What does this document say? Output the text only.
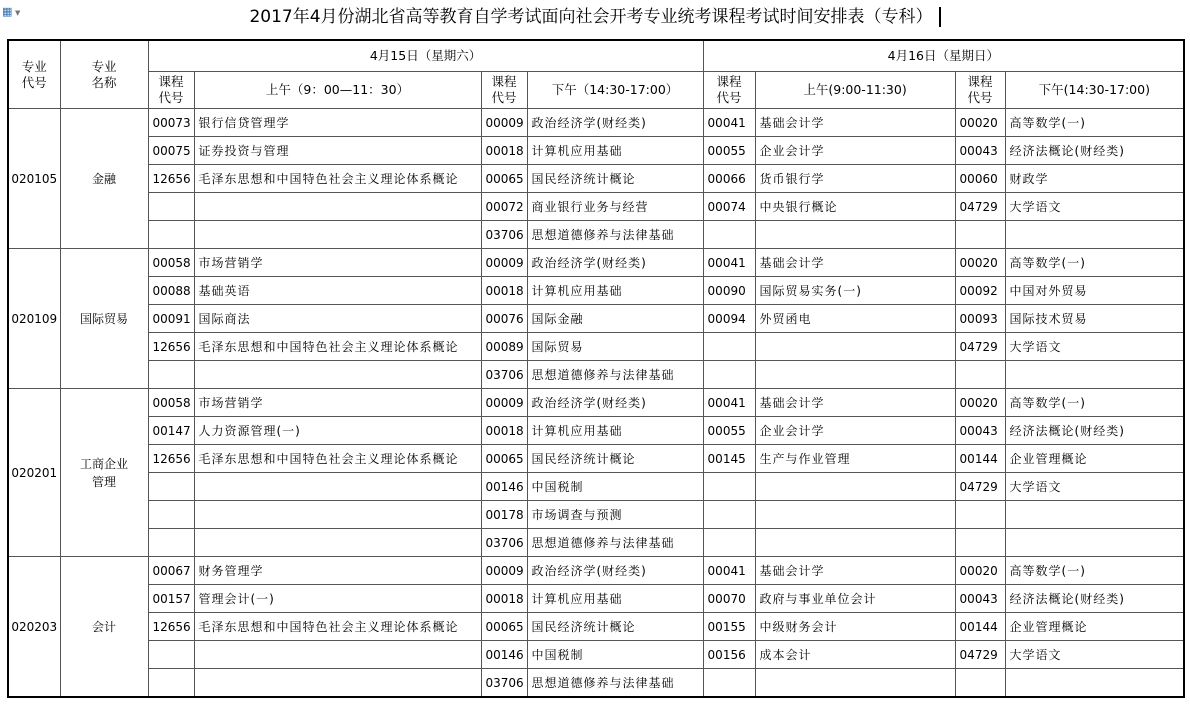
▦ ▼	2017年4月份湖北省高等教育自学考试面向社会开考专业统考课程考试时间安排表（专科）
专业代号	专业名称	4月15日（星期六）				4月16日（星期日）			
		课程代号	上午（9：00—11：30）	课程代号	下午（14:30-17:00）	课程代号	上午(9:00-11:30)	课程代号	下午(14:30-17:00)
020105	金融	00073	银行信贷管理学	00009	政治经济学(财经类)	00041	基础会计学	00020	高等数学(一)
		00075	证券投资与管理	00018	计算机应用基础	00055	企业会计学	00043	经济法概论(财经类)
		12656	毛泽东思想和中国特色社会主义理论体系概论	00065	国民经济统计概论	00066	货币银行学	00060	财政学
				00072	商业银行业务与经营	00074	中央银行概论	04729	大学语文
				03706	思想道德修养与法律基础				
020109	国际贸易	00058	市场营销学	00009	政治经济学(财经类)	00041	基础会计学	00020	高等数学(一)
		00088	基础英语	00018	计算机应用基础	00090	国际贸易实务(一)	00092	中国对外贸易
		00091	国际商法	00076	国际金融	00094	外贸函电	00093	国际技术贸易
		12656	毛泽东思想和中国特色社会主义理论体系概论	00089	国际贸易			04729	大学语文
				03706	思想道德修养与法律基础				
020201	工商企业
管理	00058	市场营销学	00009	政治经济学(财经类)	00041	基础会计学	00020	高等数学(一)
		00147	人力资源管理(一)	00018	计算机应用基础	00055	企业会计学	00043	经济法概论(财经类)
		12656	毛泽东思想和中国特色社会主义理论体系概论	00065	国民经济统计概论	00145	生产与作业管理	00144	企业管理概论
				00146	中国税制			04729	大学语文
				00178	市场调查与预测				
				03706	思想道德修养与法律基础				
020203	会计	00067	财务管理学	00009	政治经济学(财经类)	00041	基础会计学	00020	高等数学(一)
		00157	管理会计(一)	00018	计算机应用基础	00070	政府与事业单位会计	00043	经济法概论(财经类)
		12656	毛泽东思想和中国特色社会主义理论体系概论	00065	国民经济统计概论	00155	中级财务会计	00144	企业管理概论
				00146	中国税制	00156	成本会计	04729	大学语文
				03706	思想道德修养与法律基础				
